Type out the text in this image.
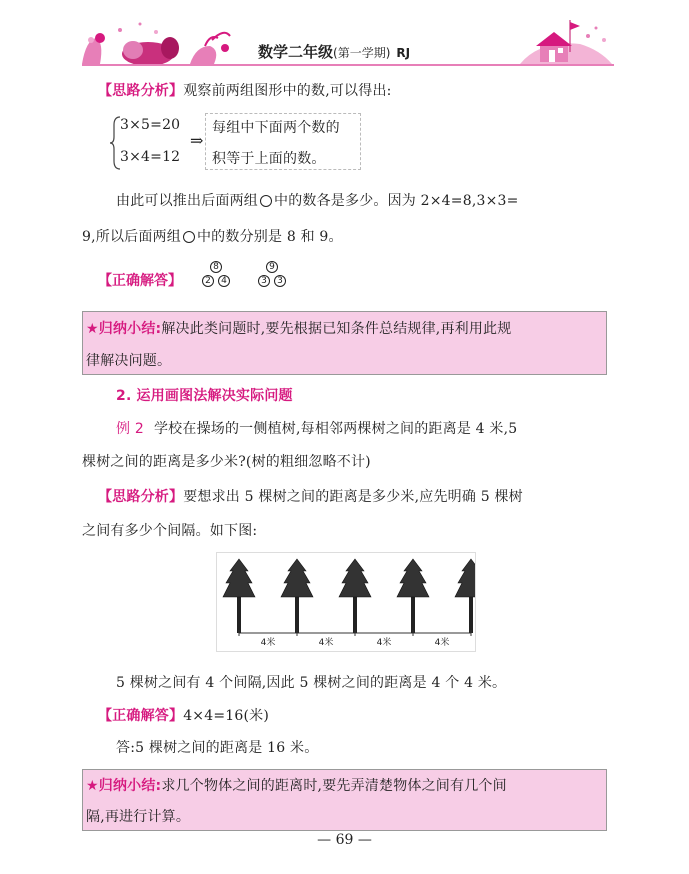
数学二年级(第一学期) RJ
【思路分析】观察前两组图形中的数,可以得出:
3×5=20
3×4=12
⇒
每组中下面两个数的
积等于上面的数。
由此可以推出后面两组 中的数各是多少。因为 2×4=8,3×3=
9,所以后面两组 中的数分别是 8 和 9。
【正确解答】
8
2	4
9
3	3
★归纳小结:解决此类问题时,要先根据已知条件总结规律,再利用此规
律解决问题。
2. 运用画图法解决实际问题
例 2 学校在操场的一侧植树,每相邻两棵树之间的距离是 4 米,5
棵树之间的距离是多少米?(树的粗细忽略不计)
【思路分析】要想求出 5 棵树之间的距离是多少米,应先明确 5 棵树
之间有多少个间隔。如下图:
4米	4米	4米	4米
5 棵树之间有 4 个间隔,因此 5 棵树之间的距离是 4 个 4 米。
【正确解答】4×4=16(米)
答:5 棵树之间的距离是 16 米。
★归纳小结:求几个物体之间的距离时,要先弄清楚物体之间有几个间
隔,再进行计算。
— 69 —
